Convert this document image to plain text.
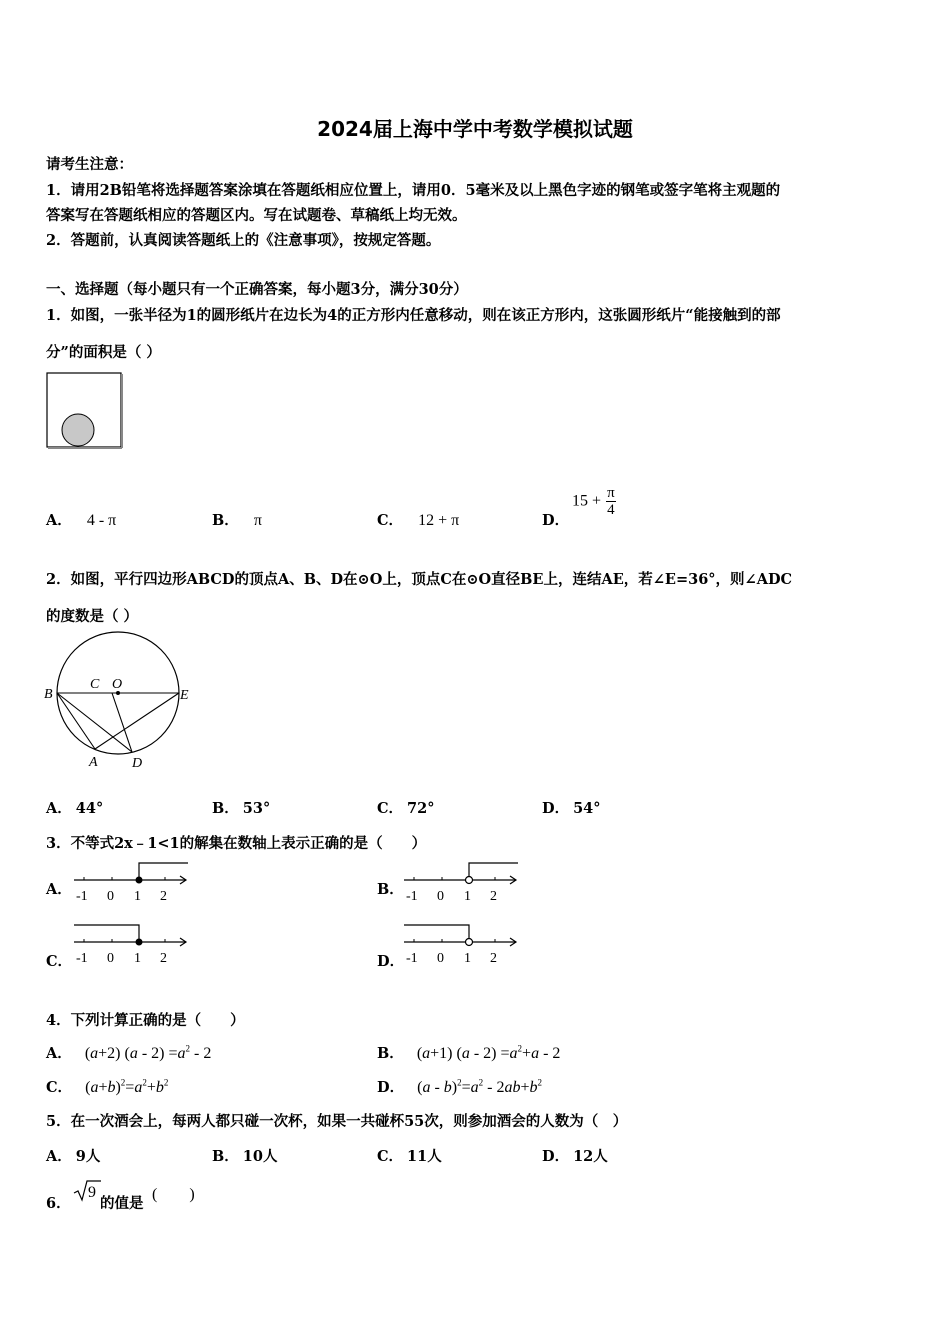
2024届上海中学中考数学模拟试题
请考生注意：
1．请用2B铅笔将选择题答案涂填在答题纸相应位置上，请用0．5毫米及以上黑色字迹的钢笔或签字笔将主观题的
答案写在答题纸相应的答题区内。写在试题卷、草稿纸上均无效。
2．答题前，认真阅读答题纸上的《注意事项》，按规定答题。
一、选择题（每小题只有一个正确答案，每小题3分，满分30分）
1．如图，一张半径为1的圆形纸片在边长为4的正方形内任意移动，则在该正方形内，这张圆形纸片“能接触到的部
分”的面积是（ ）
A． 4 - π	B． π	C． 12 + π	D．
$15 + \frac{\pi}{4}$
2．如图，平行四边形ABCD的顶点A、B、D在⊙O上，顶点C在⊙O直径BE上，连结AE，若∠E=36°，则∠ADC
的度数是（ ）
B
C O
E
A D
A． 44°	B． 53°	C． 72°	D． 54°
3．不等式2x﹣1<1的解集在数轴上表示正确的是（　　）
A． -1 0 1 2	B． -1 0 1 2
C． -1 0 1 2	D． -1 0 1 2
4．下列计算正确的是（　　）
A． (a+2) $(a - 2) =a^2 - 2$	B． (a+1) $(a - 2) =a^2+a - 2$
C． $(a+b)^2=a^2+b^2$	D． $(a - b)^2=a^2 - 2ab+b^2$
5．在一次酒会上，每两人都只碰一次杯，如果一共碰杯55次，则参加酒会的人数为（　）
A． 9人	B． 10人	C． 11人	D． 12人
6．
9
的值是
(　　)
